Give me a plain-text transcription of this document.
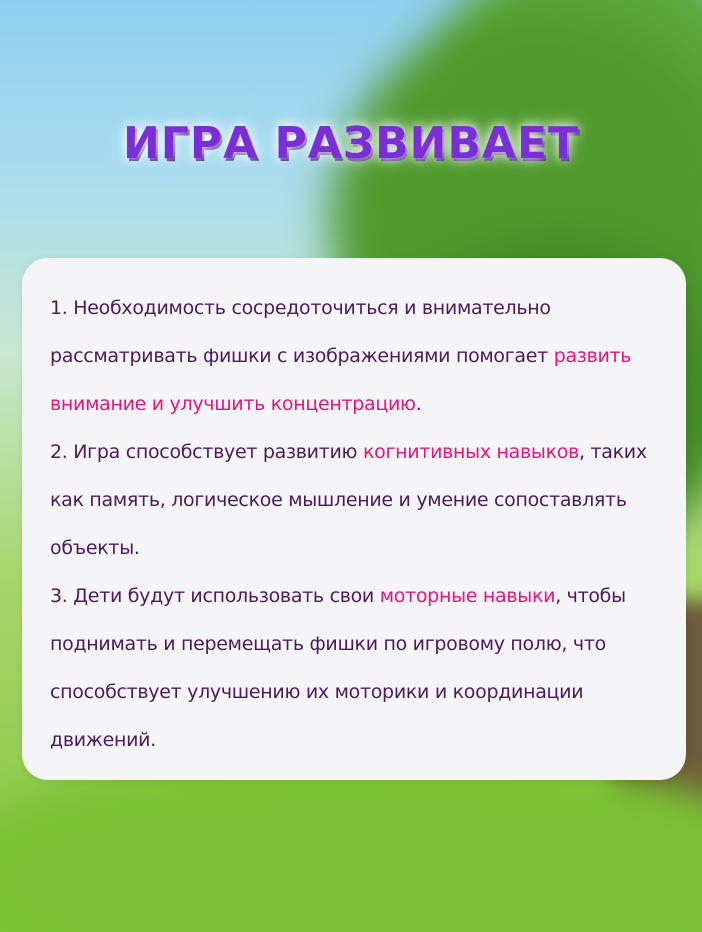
ИГРА РАЗВИВАЕТ

1. Необходимость сосредоточиться и внимательно рассматривать фишки с изображениями помогает развить внимание и улучшить концентрацию.

2. Игра способствует развитию когнитивных навыков, таких как память, логическое мышление и умение сопоставлять объекты.

3. Дети будут использовать свои моторные навыки, чтобы поднимать и перемещать фишки по игровому полю, что способствует улучшению их моторики и координации движений.
